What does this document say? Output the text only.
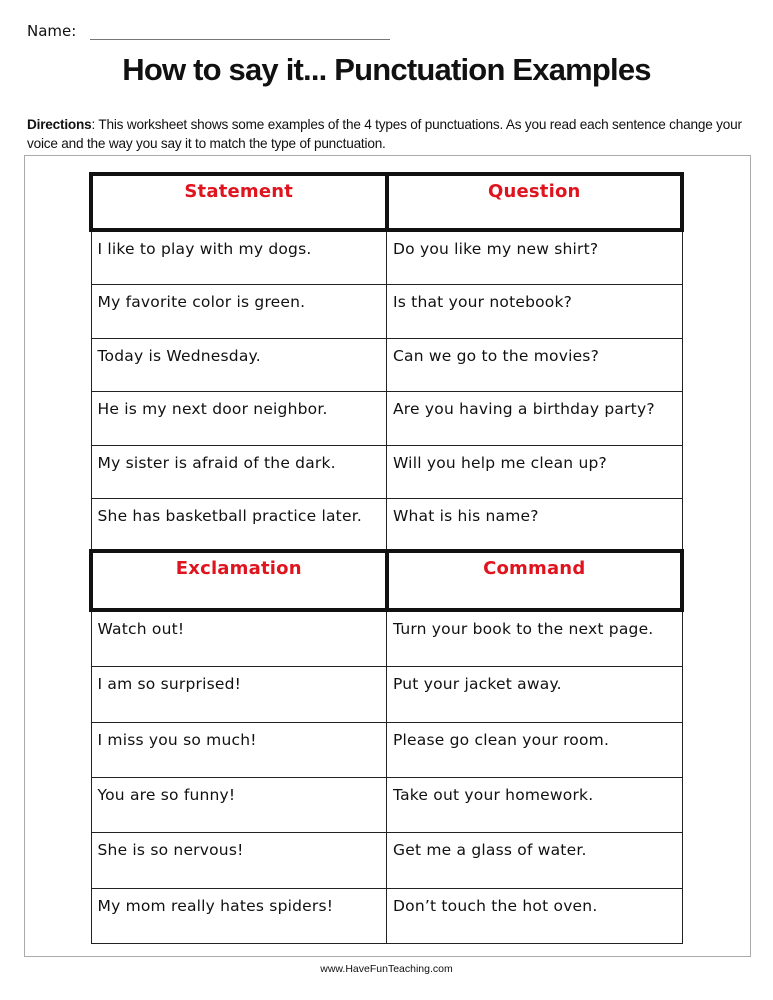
Name:
How to say it... Punctuation Examples
Directions: This worksheet shows some examples of the 4 types of punctuations. As you read each sentence change your voice and the way you say it to match the type of punctuation.
Statement	Question
I like to play with my dogs.	Do you like my new shirt?
My favorite color is green.	Is that your notebook?
Today is Wednesday.	Can we go to the movies?
He is my next door neighbor.	Are you having a birthday party?
My sister is afraid of the dark.	Will you help me clean up?
She has basketball practice later.	What is his name?
Exclamation	Command
Watch out!	Turn your book to the next page.
I am so surprised!	Put your jacket away.
I miss you so much!	Please go clean your room.
You are so funny!	Take out your homework.
She is so nervous!	Get me a glass of water.
My mom really hates spiders!	Don’t touch the hot oven.
www.HaveFunTeaching.com
